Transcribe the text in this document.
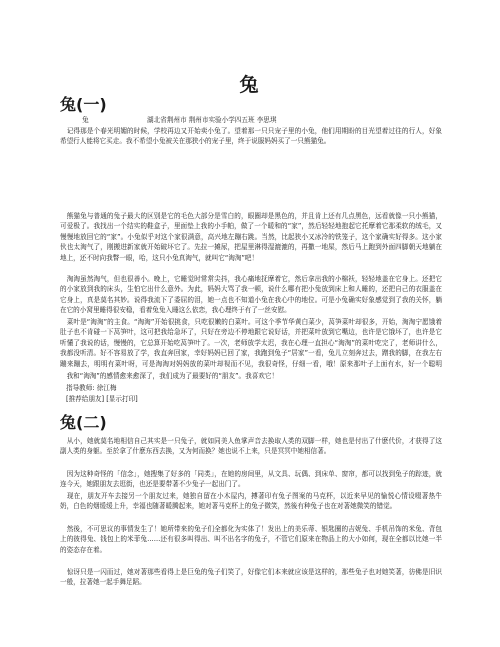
兔
兔(一)
兔	湖北省荆州市 荆州市实验小学四五班 李思琪

　记得那是个春光明媚的时候，学校再边又开始卖小兔了。望着那一只只宠子里的小兔，他们用期盼的目光望着过往的行人，好象希望行人能将它买走。我不希望小兔被关在那狭小的宠子里，终于说服妈妈买了一只熊猫兔。

　熊猫兔与普通的兔子最大的区别是它的毛色大部分是雪白的，眼圈却是黑色的，并且肯上还有几点黑色，远看就像一只小熊猫，可爱极了。我找出一个结实的鞋盒子，里面垫上我的小手帕，做了一个暖和的“家”，然后轻轻地抱起它托摩着它那柔软的绒毛，又慢慢地放回它的“家”。小兔似乎对这个家很满意，高兴地左蹦右跳。当然，比起狭小又冰冷的铁笼子，这个家确实好得多。这小家伙也太淘气了，刚搬进新家就开始破坏它了。先拉一摊尿，把屋里淋得湿漉漉的，再撒一地屎，然后马上跑到外面四脚朝天地躺在地上，还不时向我瞥一眼，哈，这只小兔真淘气，就叫它“淘淘”吧！

　淘淘虽然淘气，但也很善小。晚上，它睡觉时常常尖抖，我心痛地抚摩着它，然后拿出我的小棉袄，轻轻地盖在它身上。还把它的小家放到我的床头，生怕它出什么意外。为此，妈妈大骂了我一顿，说什么哪有把小兔放到床上和人睡的，还把自己的衣服盖在它身上，真是莫名其妙。说得我流下了委屈的泪，她一点也不知道小兔在我心中的地位。可是小兔确实好象感觉到了我的关怀，躺在它的小窝里睡得很安稳，看着兔兔入睡这么依恋，我心理终于有了一丝安慰。

　菜叶是“淘淘”的主食。“淘淘”开始很挑食，只吃很嫩的白菜叶。可这个季节华黄白菜少，莴笋菜叶却很多，开始，淘淘宁愿饿着肚子也不肯碰一下莴笋叶，这可把我给急坏了，只好在旁边不停地跟它说好话，并把菜叶放到它嘴边，也许是它饿坏了，也许是它听懂了我说的话，慢慢的，它总算开始吃莴笋叶了。一次，老师放学太迟，我在心理一直担心“淘淘”的菜叶吃完了，老师讲什么，我都没听清。好不容易放了学，我直奔回家，幸好妈妈已回了家，我跑到兔子“居家”一看，兔儿立刻奔过去，蹭我的脚，在我左右蹦来蹦去，明明有菜叶呀，可是淘淘对妈妈放的菜叶却视而不见，我很奇怪，仔细一看，哦！原来那叶子上面有水，好一个聪明

　我和“淘淘”的感情愈来愈深了，我们成为了最要好的“朋友”。我喜欢它！

指导教师: 徐江梅
[推荐给朋友] [显示打印]
兔(二)

　从小，她就莫名地相信自己其实是一只兔子，就如同美人鱼掌声音去换取人类的双脚一样，她也是付出了什麽代价，才获得了这副人类的身躯。至於拿了什麽东西去换，又为何而换？她也说不上来，只是冥冥中她相信著。

　因为这种奇怪的「信念」，她搜集了好多的「同类」，在她的房间里，从文具、玩偶、到床单、窗帘，都可以找到兔子的踪迹，就连今天，她跟朋友去逛街，也还是要带著不少兔子一起出门了。

　现在，朋友开车去接另一个朋友过来，她独自留在小木屋内，搏著印有兔子图案的马克杯，以近来早见的愉悦心情设啜著热牛奶，白色的烟缓缓上升，幸福也随著暖腾起来，她对著马克杯上的兔子微笑，然後有种兔子也在对著她微笑的错觉。

　然後，不可思议的事情发生了！她所带来的兔子们全都化为实体了！发出上的美乐蒂、银匙圈的吉妮兔、手机吊饰的米兔、背包上的彼得兔、钱包上的米菲兔……还有很多叫得出、叫不出名字的兔子，不管它们原来在物品上的大小如何，现在全都以比她一半的姿态存在着。

　惊讶只是一闪而过，她对著那些看得上是巨兔的兔子们笑了，好像它们本来就应该是这样的，那些兔子也对她笑著，彷佛是旧识一般，拉著她一起手舞足蹈。
